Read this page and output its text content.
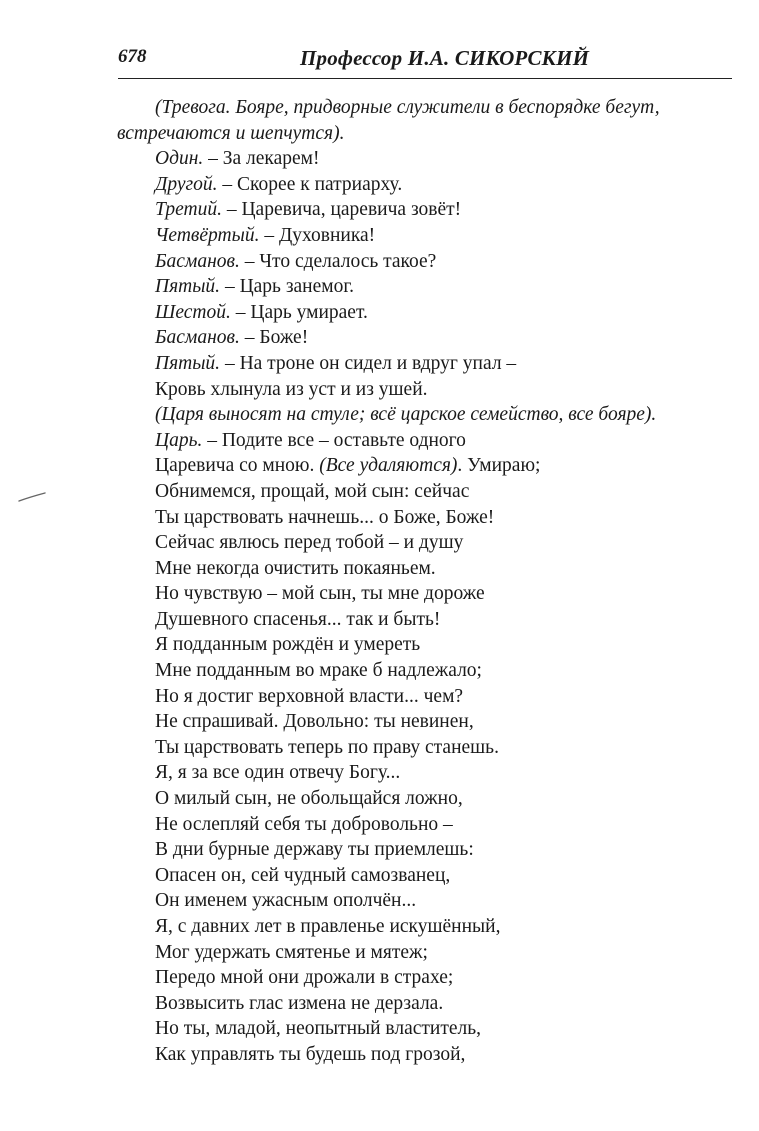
678	Профессор И.А. СИКОРСКИЙ

(Тревога. Бояре, придворные служители в беспорядке бегут,

встречаются и шепчутся).

Один. – За лекарем!

Другой. – Скорее к патриарху.

Третий. – Царевича, царевича зовёт!

Четвёртый. – Духовника!

Басманов. – Что сделалось такое?

Пятый. – Царь занемог.

Шестой. – Царь умирает.

Басманов. – Боже!

Пятый. – На троне он сидел и вдруг упал –

Кровь хлынула из уст и из ушей.

(Царя выносят на стуле; всё царское семейство, все бояре).

Царь. – Подите все – оставьте одного

Царевича со мною. (Все удаляются). Умираю;

Обнимемся, прощай, мой сын: сейчас

Ты царствовать начнешь... о Боже, Боже!

Сейчас явлюсь перед тобой – и душу

Мне некогда очистить покаяньем.

Но чувствую – мой сын, ты мне дороже

Душевного спасенья... так и быть!

Я подданным рождён и умереть

Мне подданным во мраке б надлежало;

Но я достиг верховной власти... чем?

Не спрашивай. Довольно: ты невинен,

Ты царствовать теперь по праву станешь.

Я, я за все один отвечу Богу...

О милый сын, не обольщайся ложно,

Не ослепляй себя ты добровольно –

В дни бурные державу ты приемлешь:

Опасен он, сей чудный самозванец,

Он именем ужасным ополчён...

Я, с давних лет в правленье искушённый,

Мог удержать смятенье и мятеж;

Передо мной они дрожали в страхе;

Возвысить глас измена не дерзала.

Но ты, младой, неопытный властитель,

Как управлять ты будешь под грозой,
